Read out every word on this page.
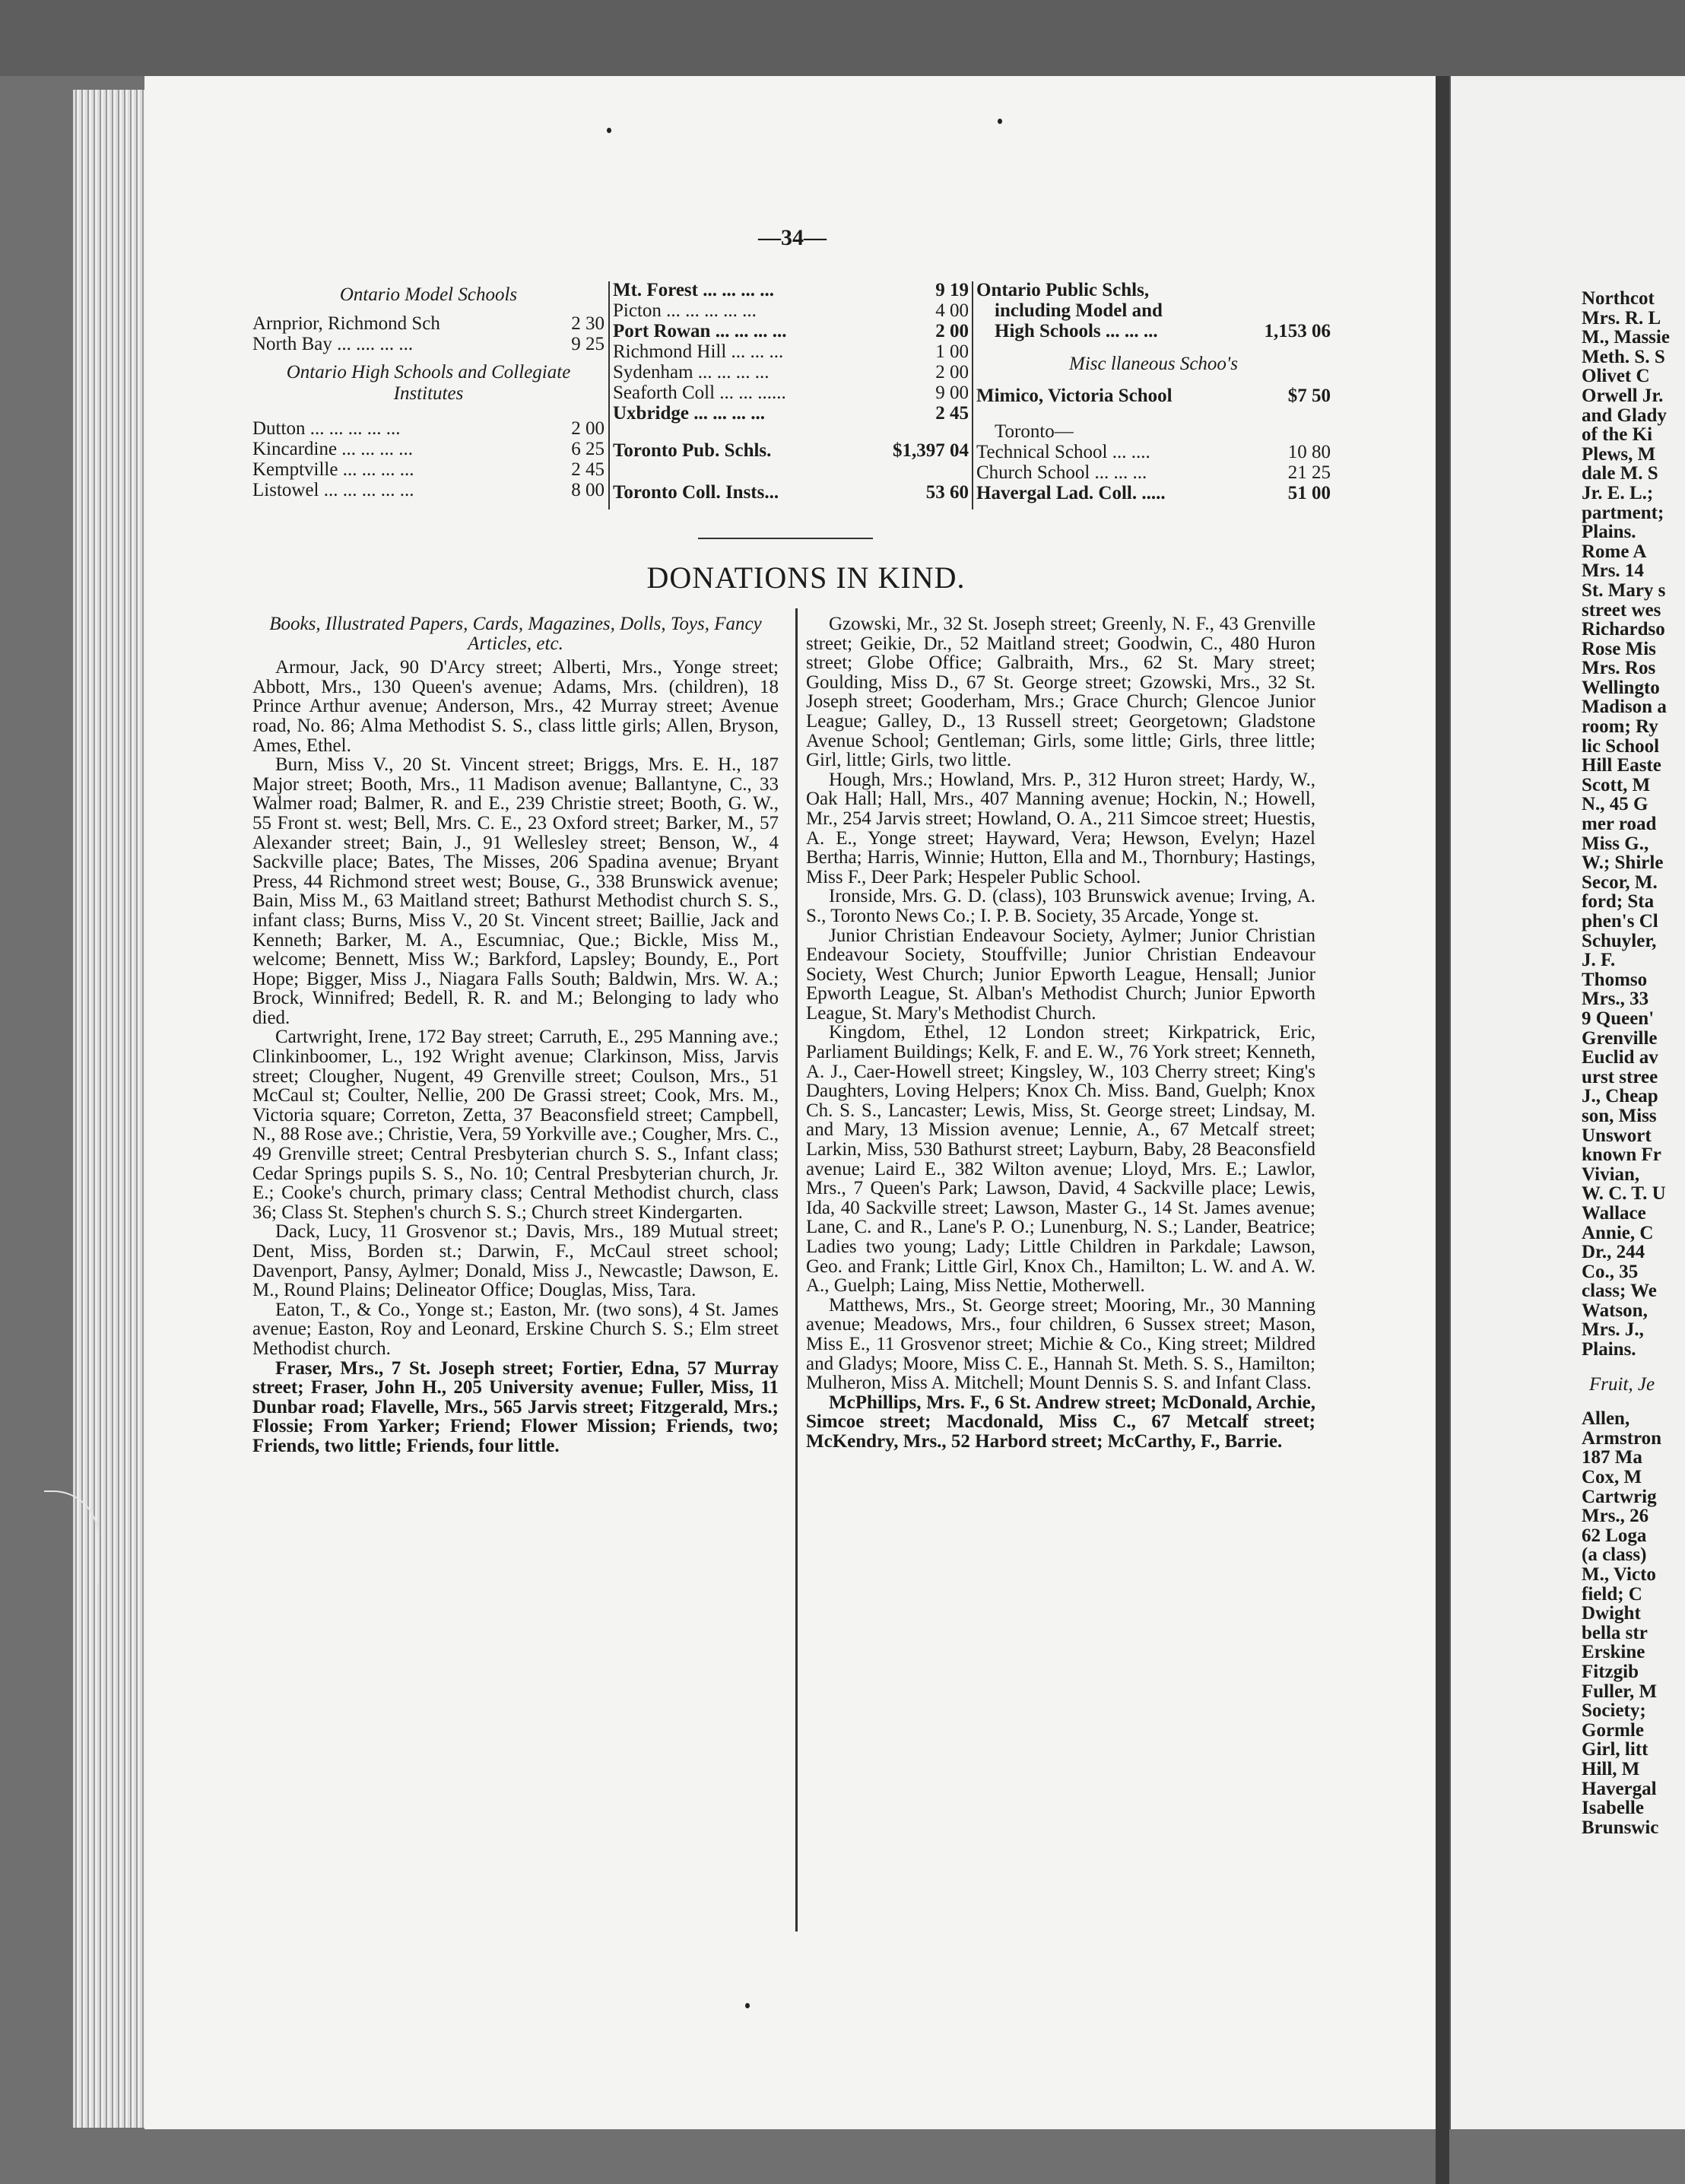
—34—
Ontario Model Schools
Arnprior, Richmond Sch	2 30
North Bay ... .... ... ...	9 25
Ontario High Schools and Collegiate Institutes
Dutton ... ... ... ... ...	2 00
Kincardine ... ... ... ...	6 25
Kemptville ... ... ... ...	2 45
Listowel ... ... ... ... ...	8 00
Mt. Forest ... ... ... ...	9 19
Picton ... ... ... ... ...	4 00
Port Rowan ... ... ... ...	2 00
Richmond Hill ... ... ...	1 00
Sydenham ... ... ... ...	2 00
Seaforth Coll ... ... ......	9 00
Uxbridge ... ... ... ...	2 45
Toronto Pub. Schls.	$1,397 04
Toronto Coll. Insts...	53 60
Ontario Public Schls,
including Model and
High Schools ... ... ...	1,153 06
Misc llaneous Schoo's
Mimico, Victoria School	$7 50
Toronto—
Technical School ... ....	10 80
Church School ... ... ...	21 25
Havergal Lad. Coll. .....	51 00
DONATIONS IN KIND.

Books, Illustrated Papers, Cards, Magazines, Dolls, Toys, Fancy Articles, etc.

Armour, Jack, 90 D'Arcy street; Alberti, Mrs., Yonge street; Abbott, Mrs., 130 Queen's avenue; Adams, Mrs. (children), 18 Prince Arthur avenue; Anderson, Mrs., 42 Murray street; Avenue road, No. 86; Alma Methodist S. S., class little girls; Allen, Bryson, Ames, Ethel.

Burn, Miss V., 20 St. Vincent street; Briggs, Mrs. E. H., 187 Major street; Booth, Mrs., 11 Madison avenue; Ballantyne, C., 33 Walmer road; Balmer, R. and E., 239 Christie street; Booth, G. W., 55 Front st. west; Bell, Mrs. C. E., 23 Oxford street; Barker, M., 57 Alexander street; Bain, J., 91 Wellesley street; Benson, W., 4 Sackville place; Bates, The Misses, 206 Spadina avenue; Bryant Press, 44 Richmond street west; Bouse, G., 338 Brunswick avenue; Bain, Miss M., 63 Maitland street; Bathurst Methodist church S. S., infant class; Burns, Miss V., 20 St. Vincent street; Baillie, Jack and Kenneth; Barker, M. A., Escumniac, Que.; Bickle, Miss M., welcome; Bennett, Miss W.; Barkford, Lapsley; Boundy, E., Port Hope; Bigger, Miss J., Niagara Falls South; Baldwin, Mrs. W. A.; Brock, Winnifred; Bedell, R. R. and M.; Belonging to lady who died.

Cartwright, Irene, 172 Bay street; Carruth, E., 295 Manning ave.; Clinkinboomer, L., 192 Wright avenue; Clarkinson, Miss, Jarvis street; Clougher, Nugent, 49 Grenville street; Coulson, Mrs., 51 McCaul st; Coulter, Nellie, 200 De Grassi street; Cook, Mrs. M., Victoria square; Correton, Zetta, 37 Beaconsfield street; Campbell, N., 88 Rose ave.; Christie, Vera, 59 Yorkville ave.; Cougher, Mrs. C., 49 Grenville street; Central Presbyterian church S. S., Infant class; Cedar Springs pupils S. S., No. 10; Central Presbyterian church, Jr. E.; Cooke's church, primary class; Central Methodist church, class 36; Class St. Stephen's church S. S.; Church street Kindergarten.

Dack, Lucy, 11 Grosvenor st.; Davis, Mrs., 189 Mutual street; Dent, Miss, Borden st.; Darwin, F., McCaul street school; Davenport, Pansy, Aylmer; Donald, Miss J., Newcastle; Dawson, E. M., Round Plains; Delineator Office; Douglas, Miss, Tara.

Eaton, T., & Co., Yonge st.; Easton, Mr. (two sons), 4 St. James avenue; Easton, Roy and Leonard, Erskine Church S. S.; Elm street Methodist church.

Fraser, Mrs., 7 St. Joseph street; Fortier, Edna, 57 Murray street; Fraser, John H., 205 University avenue; Fuller, Miss, 11 Dunbar road; Flavelle, Mrs., 565 Jarvis street; Fitzgerald, Mrs.; Flossie; From Yarker; Friend; Flower Mission; Friends, two; Friends, two little; Friends, four little.

Gzowski, Mr., 32 St. Joseph street; Greenly, N. F., 43 Grenville street; Geikie, Dr., 52 Maitland street; Goodwin, C., 480 Huron street; Globe Office; Galbraith, Mrs., 62 St. Mary street; Goulding, Miss D., 67 St. George street; Gzowski, Mrs., 32 St. Joseph street; Gooderham, Mrs.; Grace Church; Glencoe Junior League; Galley, D., 13 Russell street; Georgetown; Gladstone Avenue School; Gentleman; Girls, some little; Girls, three little; Girl, little; Girls, two little.

Hough, Mrs.; Howland, Mrs. P., 312 Huron street; Hardy, W., Oak Hall; Hall, Mrs., 407 Manning avenue; Hockin, N.; Howell, Mr., 254 Jarvis street; Howland, O. A., 211 Simcoe street; Huestis, A. E., Yonge street; Hayward, Vera; Hewson, Evelyn; Hazel Bertha; Harris, Winnie; Hutton, Ella and M., Thornbury; Hastings, Miss F., Deer Park; Hespeler Public School.

Ironside, Mrs. G. D. (class), 103 Brunswick avenue; Irving, A. S., Toronto News Co.; I. P. B. Society, 35 Arcade, Yonge st.

Junior Christian Endeavour Society, Aylmer; Junior Christian Endeavour Society, Stouffville; Junior Christian Endeavour Society, West Church; Junior Epworth League, Hensall; Junior Epworth League, St. Alban's Methodist Church; Junior Epworth League, St. Mary's Methodist Church.

Kingdom, Ethel, 12 London street; Kirkpatrick, Eric, Parliament Buildings; Kelk, F. and E. W., 76 York street; Kenneth, A. J., Caer-Howell street; Kingsley, W., 103 Cherry street; King's Daughters, Loving Helpers; Knox Ch. Miss. Band, Guelph; Knox Ch. S. S., Lancaster; Lewis, Miss, St. George street; Lindsay, M. and Mary, 13 Mission avenue; Lennie, A., 67 Metcalf street; Larkin, Miss, 530 Bathurst street; Layburn, Baby, 28 Beaconsfield avenue; Laird E., 382 Wilton avenue; Lloyd, Mrs. E.; Lawlor, Mrs., 7 Queen's Park; Lawson, David, 4 Sackville place; Lewis, Ida, 40 Sackville street; Lawson, Master G., 14 St. James avenue; Lane, C. and R., Lane's P. O.; Lunenburg, N. S.; Lander, Beatrice; Ladies two young; Lady; Little Children in Parkdale; Lawson, Geo. and Frank; Little Girl, Knox Ch., Hamilton; L. W. and A. W. A., Guelph; Laing, Miss Nettie, Motherwell.

Matthews, Mrs., St. George street; Mooring, Mr., 30 Manning avenue; Meadows, Mrs., four children, 6 Sussex street; Mason, Miss E., 11 Grosvenor street; Michie & Co., King street; Mildred and Gladys; Moore, Miss C. E., Hannah St. Meth. S. S., Hamilton; Mulheron, Miss A. Mitchell; Mount Dennis S. S. and Infant Class.

McPhillips, Mrs. F., 6 St. Andrew street; McDonald, Archie, Simcoe street; Macdonald, Miss C., 67 Metcalf street; McKendry, Mrs., 52 Harbord street; McCarthy, F., Barrie.

Northcot

Mrs. R. L

M., Massie

Meth. S. S

Olivet C

Orwell Jr.

and Glady

of the Ki

Plews, M

dale M. S

Jr. E. L.;

partment;

Plains.

Rome A

Mrs. 14

St. Mary s

street wes

Richardso

Rose Mis

Mrs. Ros

Wellingto

Madison a

room; Ry

lic School

Hill Easte

Scott, M

N., 45 G

mer road

Miss G.,

W.; Shirle

Secor, M.

ford; Sta

phen's Cl

Schuyler,

J. F.

Thomso

Mrs., 33

9 Queen'

Grenville

Euclid av

urst stree

J., Cheap

son, Miss

Unswort

known Fr

Vivian,

W. C. T. U

Wallace

Annie, C

Dr., 244

Co., 35

class; We

Watson,

Mrs. J.,

Plains.

Fruit, Je

Allen,

Armstron

187 Ma

Cox, M

Cartwrig

Mrs., 26

62 Loga

(a class)

M., Victo

field; C

Dwight

bella str

Erskine

Fitzgib

Fuller, M

Society;

Gormle

Girl, litt

Hill, M

Havergal

Isabelle

Brunswic
